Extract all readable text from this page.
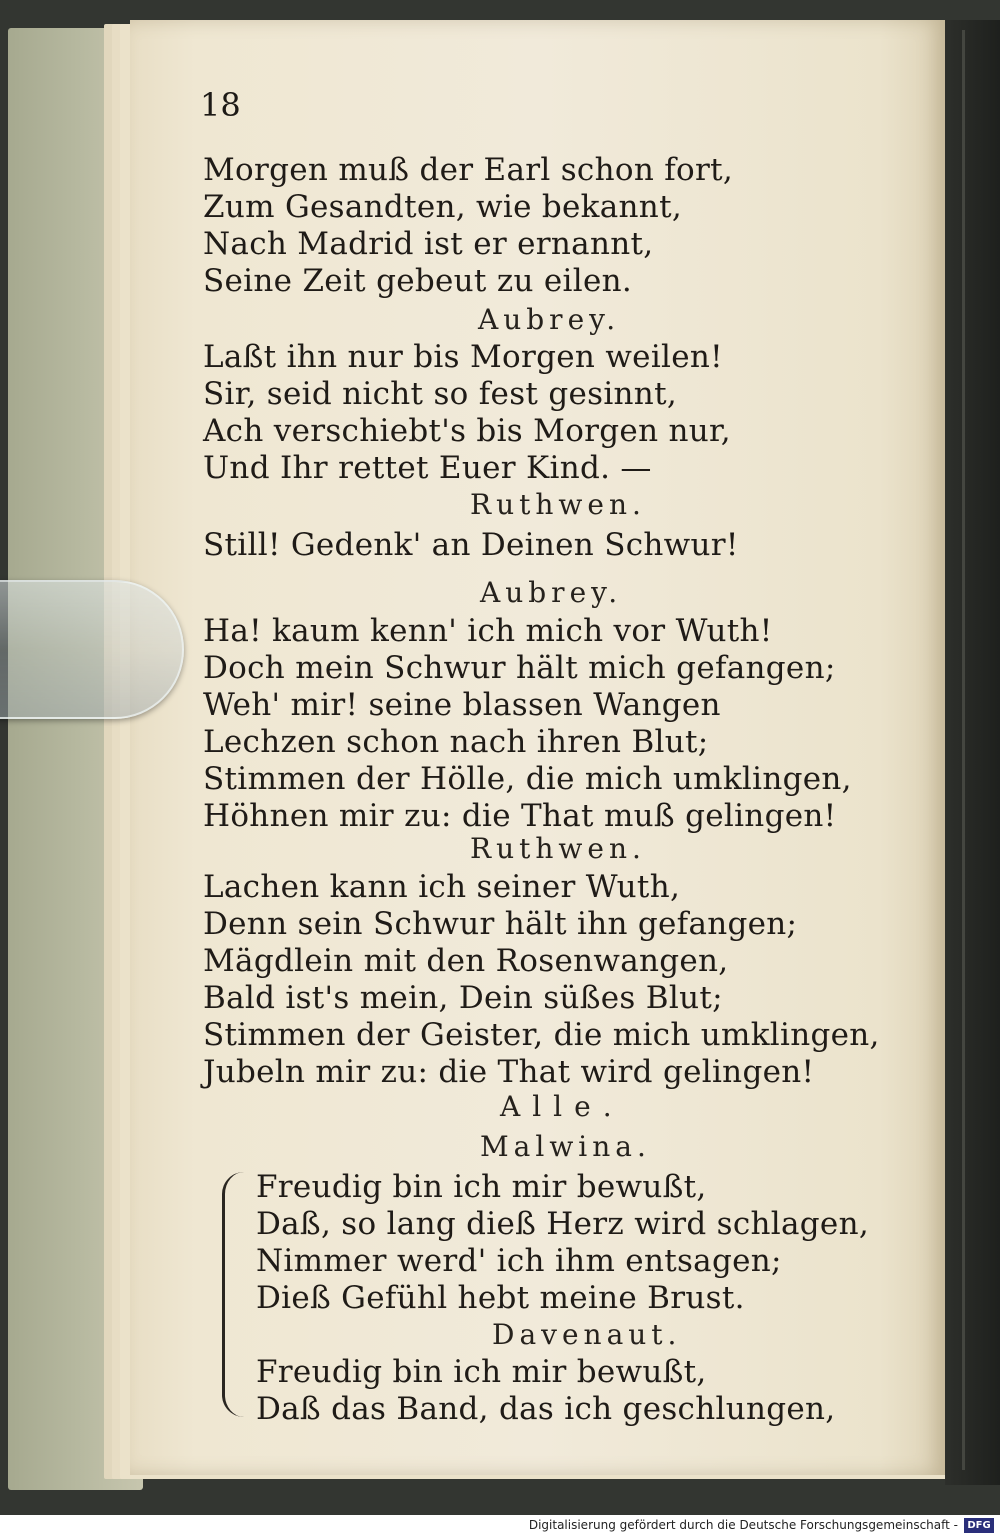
18
Morgen muß der Earl schon fort,
Zum Gesandten, wie bekannt,
Nach Madrid ist er ernannt,
Seine Zeit gebeut zu eilen.
Aubrey.
Laßt ihn nur bis Morgen weilen!
Sir, seid nicht so fest gesinnt,
Ach verschiebt's bis Morgen nur,
Und Ihr rettet Euer Kind. —
Ruthwen.
Still! Gedenk' an Deinen Schwur!
Aubrey.
Ha! kaum kenn' ich mich vor Wuth!
Doch mein Schwur hält mich gefangen;
Weh' mir! seine blassen Wangen
Lechzen schon nach ihren Blut;
Stimmen der Hölle, die mich umklingen,
Höhnen mir zu: die That muß gelingen!
Ruthwen.
Lachen kann ich seiner Wuth,
Denn sein Schwur hält ihn gefangen;
Mägdlein mit den Rosenwangen,
Bald ist's mein, Dein süßes Blut;
Stimmen der Geister, die mich umklingen,
Jubeln mir zu: die That wird gelingen!
Alle.
Malwina.
Freudig bin ich mir bewußt,
Daß, so lang dieß Herz wird schlagen,
Nimmer werd' ich ihm entsagen;
Dieß Gefühl hebt meine Brust.
Davenaut.
Freudig bin ich mir bewußt,
Daß das Band, das ich geschlungen,
Digitalisierung gefördert durch die Deutsche Forschungsgemeinschaft - DFG
